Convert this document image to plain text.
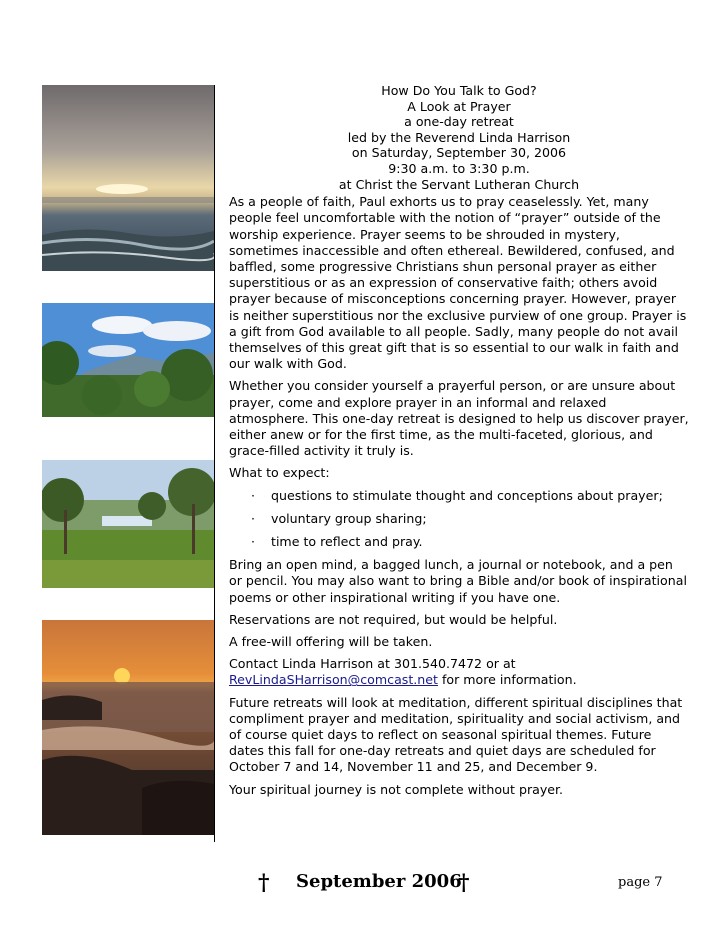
How Do You Talk to God?
A Look at Prayer
a one-day retreat
led by the Reverend Linda Harrison
on Saturday, September 30, 2006
9:30 a.m. to 3:30 p.m.
at Christ the Servant Lutheran Church

As a people of faith, Paul exhorts us to pray ceaselessly. Yet, many people feel uncomfortable with the notion of “prayer” outside of the worship experience. Prayer seems to be shrouded in mystery, sometimes inaccessible and often ethereal. Bewildered, confused, and baffled, some progressive Christians shun personal prayer as either superstitious or as an expression of conservative faith; others avoid prayer because of misconceptions concerning prayer. However, prayer is neither superstitious nor the exclusive purview of one group. Prayer is a gift from God available to all people. Sadly, many people do not avail themselves of this great gift that is so essential to our walk in faith and our walk with God.

Whether you consider yourself a prayerful person, or are unsure about prayer, come and explore prayer in an informal and relaxed atmosphere. This one-day retreat is designed to help us discover prayer, either anew or for the first time, as the multi-faceted, glorious, and grace-filled activity it truly is.

What to expect:

· questions to stimulate thought and conceptions about prayer;
· voluntary group sharing;
· time to reflect and pray.

Bring an open mind, a bagged lunch, a journal or notebook, and a pen or pencil. You may also want to bring a Bible and/or book of inspirational poems or other inspirational writing if you have one.

Reservations are not required, but would be helpful.

A free-will offering will be taken.

Contact Linda Harrison at 301.540.7472 or at
RevLindaSHarrison@comcast.net for more information.

Future retreats will look at meditation, different spiritual disciplines that compliment prayer and meditation, spirituality and social activism, and of course quiet days to reflect on seasonal spiritual themes. Future dates this fall for one-day retreats and quiet days are scheduled for October 7 and 14, November 11 and 25, and December 9.

Your spiritual journey is not complete without prayer.

† September 2006
†	page 7
